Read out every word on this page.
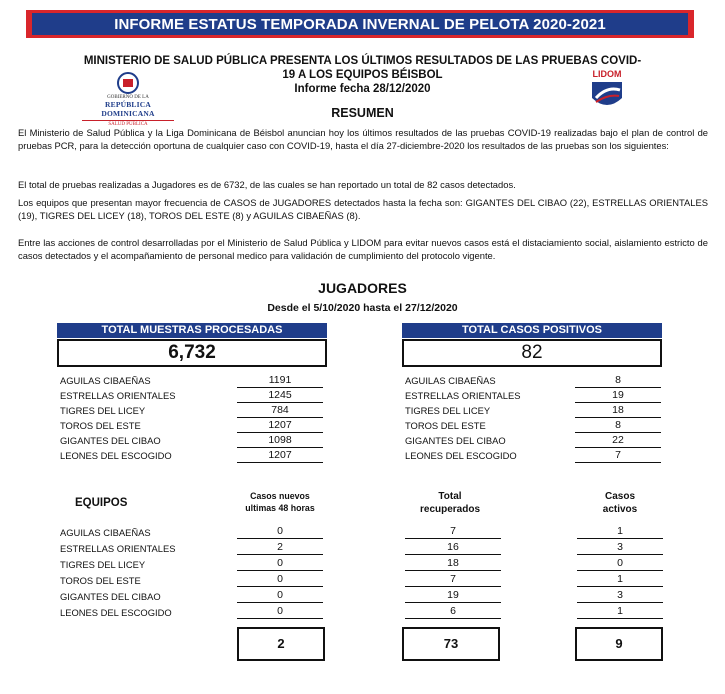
INFORME ESTATUS TEMPORADA INVERNAL DE PELOTA 2020-2021
GOBIERNO DE LA
REPÚBLICA DOMINICANA
SALUD PÚBLICA
MINISTERIO DE SALUD PÚBLICA PRESENTA LOS ÚLTIMOS RESULTADOS DE LAS PRUEBAS COVID-19 A LOS EQUIPOS BÉISBOL
Informe fecha 28/12/2020
LIDOM
RESUMEN
El Ministerio de Salud Pública y la Liga Dominicana de Béisbol anuncian hoy los últimos resultados de las pruebas COVID-19 realizadas bajo el plan de control de pruebas PCR, para la detección oportuna de cualquier caso con COVID-19, hasta el día 27-diciembre-2020 los resultados de las pruebas son los siguientes:
El total de pruebas realizadas a Jugadores es de 6732, de las cuales se han reportado un total de 82 casos detectados.
Los equipos que presentan mayor frecuencia de CASOS de JUGADORES detectados hasta la fecha son: GIGANTES DEL CIBAO (22), ESTRELLAS ORIENTALES (19), TIGRES DEL LICEY (18), TOROS DEL ESTE (8) y AGUILAS CIBAEÑAS (8).
Entre las acciones de control desarrolladas por el Ministerio de Salud Pública y LIDOM para evitar nuevos casos está el distaciamiento social, aislamiento estricto de casos detectados y el acompañamiento de personal medico para validación de cumplimiento del protocolo vigente.
JUGADORES
Desde el 5/10/2020 hasta el 27/12/2020
TOTAL MUESTRAS PROCESADAS
6,732
TOTAL CASOS POSITIVOS
82
AGUILAS CIBAEÑAS	1191
ESTRELLAS ORIENTALES	1245
TIGRES DEL LICEY	784
TOROS DEL ESTE	1207
GIGANTES DEL CIBAO	1098
LEONES DEL ESCOGIDO	1207
AGUILAS CIBAEÑAS	8
ESTRELLAS ORIENTALES	19
TIGRES DEL LICEY	18
TOROS DEL ESTE	8
GIGANTES DEL CIBAO	22
LEONES DEL ESCOGIDO	7
EQUIPOS
Casos nuevos
ultimas 48 horas
Total
recuperados
Casos
activos
AGUILAS CIBAEÑAS	0	7	1
ESTRELLAS ORIENTALES	2	16	3
TIGRES DEL LICEY	0	18	0
TOROS DEL ESTE	0	7	1
GIGANTES DEL CIBAO	0	19	3
LEONES DEL ESCOGIDO	0	6	1
2	73	9
